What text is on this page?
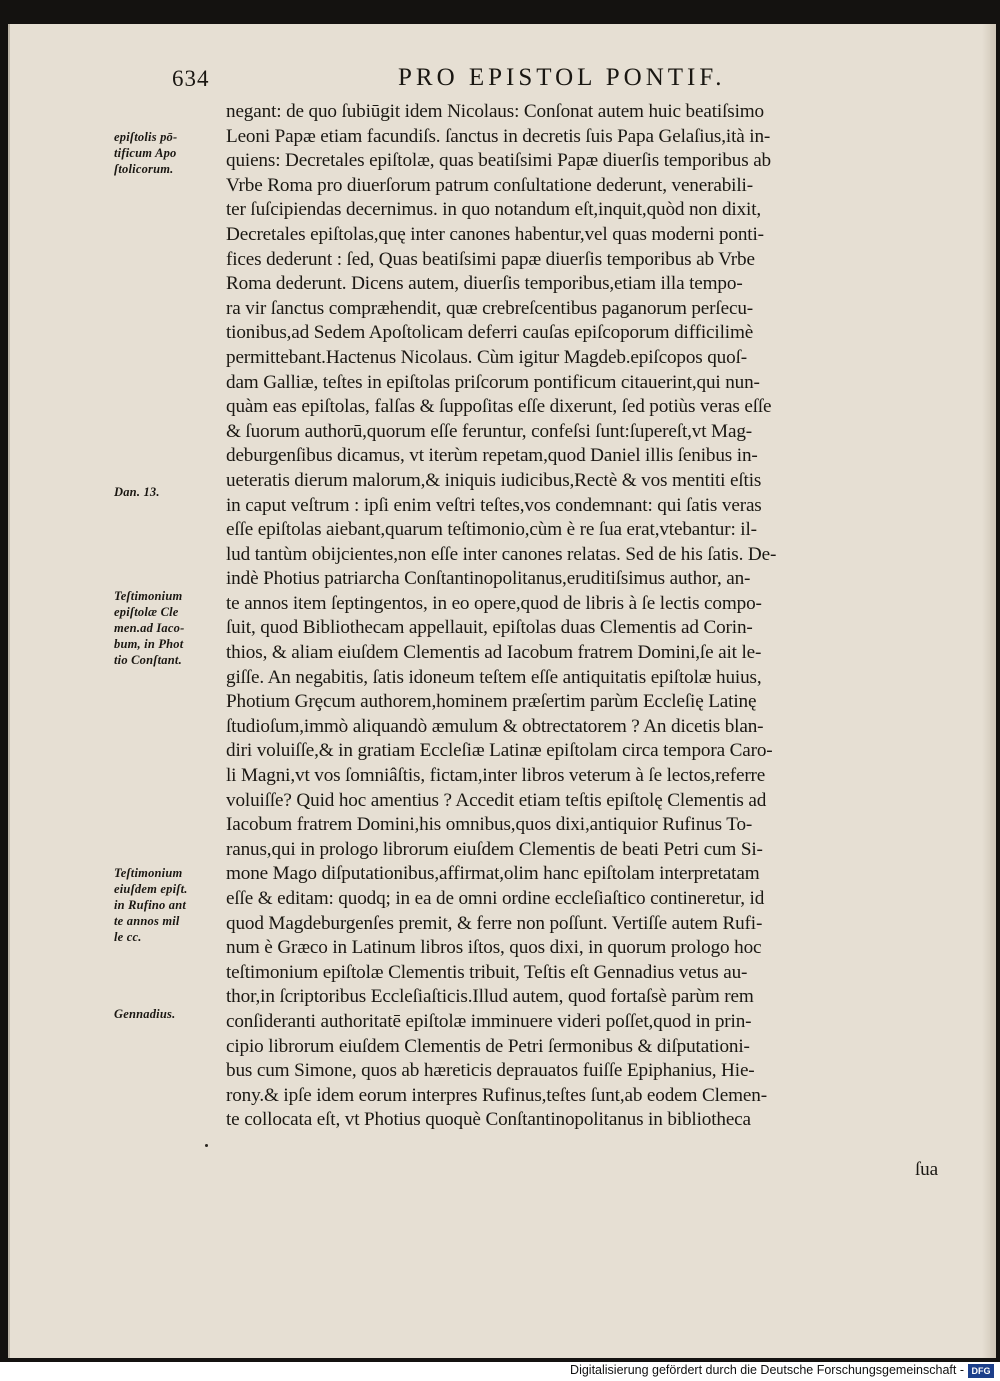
634	PRO EPISTOL PONTIF.
epiſtolis pō-
tificum Apo
ſtolicorum.
Dan. 13.
Teſtimonium
epiſtolæ Cle
men.ad Iaco-
bum, in Phot
tio Conſtant.
Teſtimonium
eiuſdem epiſt.
in Rufino ant
te annos mil
le cc.
Gennadius.
negant: de quo ſubiūgit idem Nicolaus: Conſonat autem huic beatiſsimo
Leoni Papæ etiam facundiſs. ſanctus in decretis ſuis Papa Gelaſius,ità in-
quiens: Decretales epiſtolæ, quas beatiſsimi Papæ diuerſis temporibus ab
Vrbe Roma pro diuerſorum patrum conſultatione dederunt, venerabili-
ter ſuſcipiendas decernimus. in quo notandum eſt,inquit,quòd non dixit,
Decretales epiſtolas,quę inter canones habentur,vel quas moderni ponti-
fices dederunt : ſed, Quas beatiſsimi papæ diuerſis temporibus ab Vrbe
Roma dederunt. Dicens autem, diuerſis temporibus,etiam illa tempo-
ra vir ſanctus compræhendit, quæ crebreſcentibus paganorum perſecu-
tionibus,ad Sedem Apoſtolicam deferri cauſas epiſcoporum difficilimè
permittebant.Hactenus Nicolaus. Cùm igitur Magdeb.epiſcopos quoſ-
dam Galliæ, teſtes in epiſtolas priſcorum pontificum citauerint,qui nun-
quàm eas epiſtolas, falſas & ſuppoſitas eſſe dixerunt, ſed potiùs veras eſſe
& ſuorum authorū,quorum eſſe feruntur, confeſsi ſunt:ſupereſt,vt Mag-
deburgenſibus dicamus, vt iterùm repetam,quod Daniel illis ſenibus in-
ueteratis dierum malorum,& iniquis iudicibus,Rectè & vos mentiti eſtis
in caput veſtrum : ipſi enim veſtri teſtes,vos condemnant: qui ſatis veras
eſſe epiſtolas aiebant,quarum teſtimonio,cùm è re ſua erat,vtebantur: il-
lud tantùm obijcientes,non eſſe inter canones relatas. Sed de his ſatis. De-
indè Photius patriarcha Conſtantinopolitanus,eruditiſsimus author, an-
te annos item ſeptingentos, in eo opere,quod de libris à ſe lectis compo-
ſuit, quod Bibliothecam appellauit, epiſtolas duas Clementis ad Corin-
thios, & aliam eiuſdem Clementis ad Iacobum fratrem Domini,ſe ait le-
giſſe. An negabitis, ſatis idoneum teſtem eſſe antiquitatis epiſtolæ huius,
Photium Grȩcum authorem,hominem præſertim parùm Eccleſię Latinę
ſtudioſum,immò aliquandò æmulum & obtrectatorem ? An dicetis blan-
diri voluiſſe,& in gratiam Eccleſiæ Latinæ epiſtolam circa tempora Caro-
li Magni,vt vos ſomniâſtis, fictam,inter libros veterum à ſe lectos,referre
voluiſſe? Quid hoc amentius ? Accedit etiam teſtis epiſtolę Clementis ad
Iacobum fratrem Domini,his omnibus,quos dixi,antiquior Rufinus To-
ranus,qui in prologo librorum eiuſdem Clementis de beati Petri cum Si-
mone Mago diſputationibus,affirmat,olim hanc epiſtolam interpretatam
eſſe & editam: quodq; in ea de omni ordine eccleſiaſtico contineretur, id
quod Magdeburgenſes premit, & ferre non poſſunt. Vertiſſe autem Rufi-
num è Græco in Latinum libros iſtos, quos dixi, in quorum prologo hoc
teſtimonium epiſtolæ Clementis tribuit, Teſtis eſt Gennadius vetus au-
thor,in ſcriptoribus Eccleſiaſticis.Illud autem, quod fortaſsè parùm rem
conſideranti authoritatē epiſtolæ imminuere videri poſſet,quod in prin-
cipio librorum eiuſdem Clementis de Petri ſermonibus & diſputationi-
bus cum Simone, quos ab hæreticis deprauatos fuiſſe Epiphanius, Hie-
rony.& ipſe idem eorum interpres Rufinus,teſtes ſunt,ab eodem Clemen-
te collocata eſt, vt Photius quoquè Conſtantinopolitanus in bibliotheca
ſua
Digitalisierung gefördert durch die Deutsche Forschungsgemeinschaft - DFG
